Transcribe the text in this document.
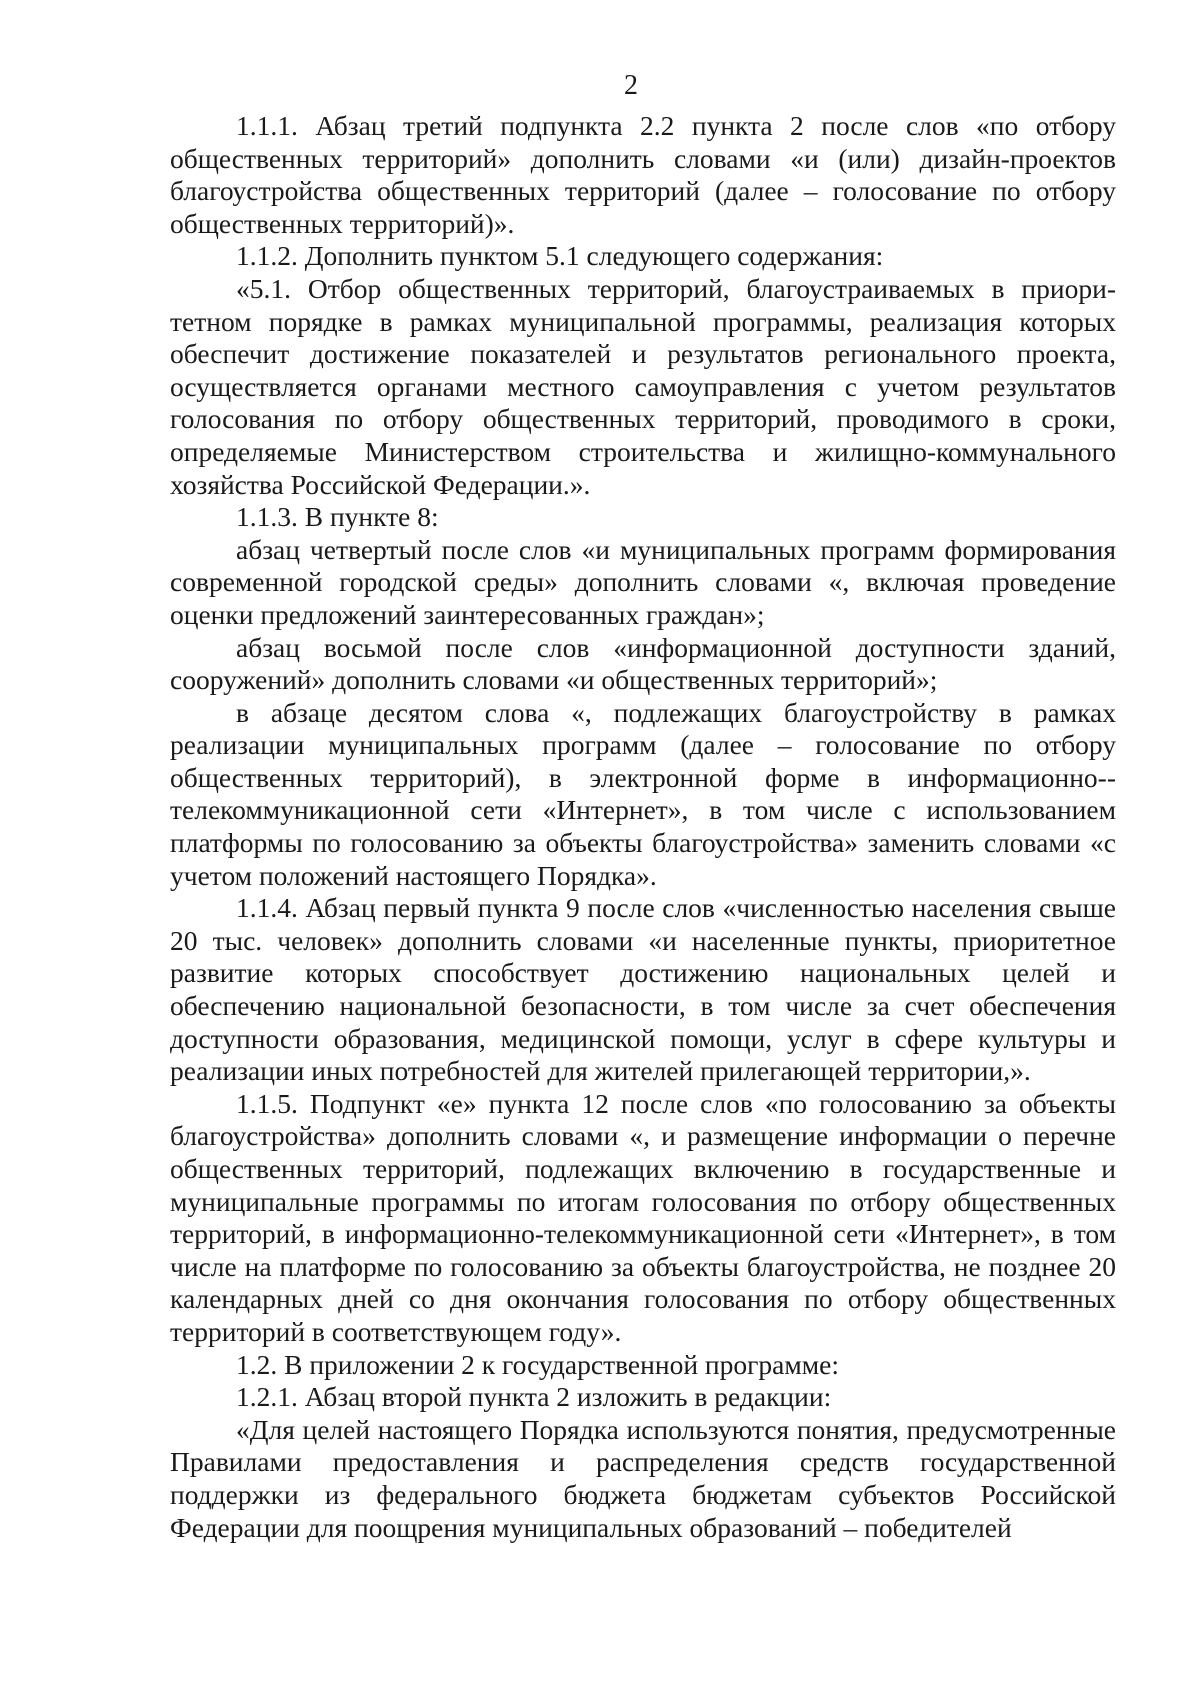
2

1.1.1. Абзац третий подпункта 2.2 пункта 2 после слов «по отбору общественных территорий» дополнить словами «и (или) дизайн-проектов благоустройства общественных территорий (далее – голосование по отбору общественных территорий)».

1.1.2. Дополнить пунктом 5.1 следующего содержания:

«5.1. Отбор общественных территорий, благоустраиваемых в приоритетном порядке в рамках муниципальной программы, реализация которых обеспечит достижение показателей и результатов регионального проекта, осуществляется органами местного самоуправления с учетом результатов голосования по отбору общественных территорий, проводимого в сроки, определяемые Министерством строительства и жилищно-коммунального хозяйства Российской Федерации.».

1.1.3. В пункте 8:

абзац четвертый после слов «и муниципальных программ формирования современной городской среды» дополнить словами «, включая проведение оценки предложений заинтересованных граждан»;

абзац восьмой после слов «информационной доступности зданий, сооружений» дополнить словами «и общественных территорий»;

в абзаце десятом слова «, подлежащих благоустройству в рамках реализации муниципальных программ (далее – голосование по отбору общественных территорий), в электронной форме в информационно-телекоммуникационной сети «Интернет», в том числе с использованием платформы по голосованию за объекты благоустройства» заменить словами «с учетом положений настоящего Порядка».

1.1.4. Абзац первый пункта 9 после слов «численностью населения свыше 20 тыс. человек» дополнить словами «и населенные пункты, приоритетное развитие которых способствует достижению национальных целей и обеспечению национальной безопасности, в том числе за счет обеспечения доступности образования, медицинской помощи, услуг в сфере культуры и реализации иных потребностей для жителей прилегающей территории,».

1.1.5. Подпункт «е» пункта 12 после слов «по голосованию за объекты благоустройства» дополнить словами «, и размещение информации о перечне общественных территорий, подлежащих включению в государственные и муниципальные программы по итогам голосования по отбору общественных территорий, в информационно-телекоммуникационной сети «Интернет», в том числе на платформе по голосованию за объекты благоустройства, не позднее 20 календарных дней со дня окончания голосования по отбору общественных территорий в соответствующем году».

1.2. В приложении 2 к государственной программе:

1.2.1. Абзац второй пункта 2 изложить в редакции:

«Для целей настоящего Порядка используются понятия, предусмотренные Правилами предоставления и распределения средств государственной поддержки из федерального бюджета бюджетам субъектов Российской Федерации для поощрения муниципальных образований – победителей
